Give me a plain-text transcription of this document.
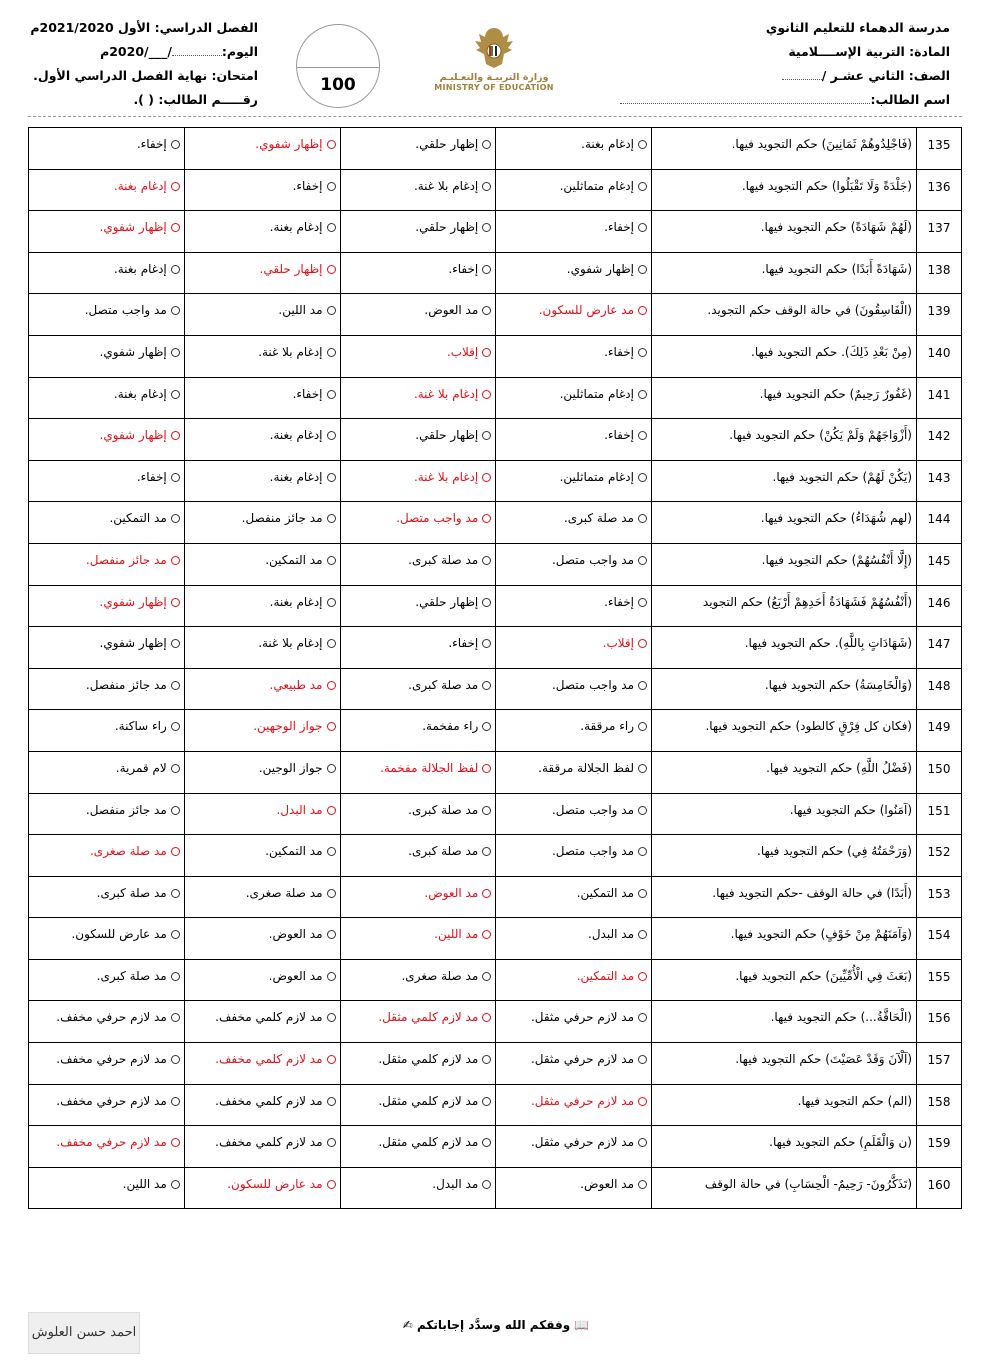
مدرسة الدهماء للتعليم الثانوي
المادة: التربية الإســــلامية
الصف: الثاني عشـر /
اسم الطالب:
وزارة التربيـة والتعـليـم
MINISTRY OF EDUCATION
100
الفصل الدراسي: الأول 2021/2020م
اليوم:/___/2020م
امتحان: نهاية الفصل الدراسي الأول.
رقـــــم الطالب: ( ).
135	(فَاجْلِدُوهُمْ ثَمَانِينَ) حكم التجويد فيها.	إدغام بغنة.	إظهار حلقي.	إظهار شفوي.	إخفاء.
136	(جَلْدَةً وَلَا تَقْبَلُوا) حكم التجويد فيها.	إدغام متماثلين.	إدغام بلا غنة.	إخفاء.	إدغام بغنة.
137	(لَهُمْ شَهَادَةً) حكم التجويد فيها.	إخفاء.	إظهار حلقي.	إدغام بغنة.	إظهار شفوي.
138	(شَهَادَةً أَبَدًا) حكم التجويد فيها.	إظهار شفوي.	إخفاء.	إظهار حلقي.	إدغام بغنة.
139	(الْفَاسِقُونَ) في حالة الوقف حكم التجويد.	مد عارض للسكون.	مد العوض.	مد اللين.	مد واجب متصل.
140	(مِنْ بَعْدِ ذَلِكَ). حكم التجويد فيها.	إخفاء.	إقلاب.	إدغام بلا غنة.	إظهار شفوي.
141	(غَفُورٌ رَحِيمٌ) حكم التجويد فيها.	إدغام متماثلين.	إدغام بلا غنة.	إخفاء.	إدغام بغنة.
142	(أَزْوَاجَهُمْ وَلَمْ يَكُنْ) حكم التجويد فيها.	إخفاء.	إظهار حلقي.	إدغام بغنة.	إظهار شفوي.
143	(يَكُنْ لَهُمْ) حكم التجويد فيها.	إدغام متماثلين.	إدغام بلا غنة.	إدغام بغنة.	إخفاء.
144	(لهم شُهَدَاءُ) حكم التجويد فيها.	مد صلة كبرى.	مد واجب متصل.	مد جائز منفصل.	مد التمكين.
145	(إِلَّا أَنْفُسُهُمْ) حكم التجويد فيها.	مد واجب متصل.	مد صلة كبرى.	مد التمكين.	مد جائز منفصل.
146	(أَنْفُسُهُمْ فَشَهَادَةُ أَحَدِهِمْ أَرْبَعُ) حكم التجويد	إخفاء.	إظهار حلقي.	إدغام بغنة.	إظهار شفوي.
147	(شَهَادَاتٍ بِاللَّهِ). حكم التجويد فيها.	إقلاب.	إخفاء.	إدغام بلا غنة.	إظهار شفوي.
148	(وَالْخَامِسَةُ) حكم التجويد فيها.	مد واجب متصل.	مد صلة كبرى.	مد طبيعي.	مد جائز منفصل.
149	(فكان كل فِرْقٍ كالطود) حكم التجويد فيها.	راء مرققة.	راء مفخمة.	جواز الوجهين.	راء ساكنة.
150	(فَضْلُ اللَّهِ) حكم التجويد فيها.	لفظ الجلالة مرققة.	لفظ الجلالة مفخمة.	جواز الوجين.	لام قمرية.
151	(آمَنُوا) حكم التجويد فيها.	مد واجب متصل.	مد صلة كبرى.	مد البدل.	مد جائز منفصل.
152	(وَرَحْمَتُهُ فِي) حكم التجويد فيها.	مد واجب متصل.	مد صلة كبرى.	مد التمكين.	مد صلة صغرى.
153	(أَبَدًا) في حالة الوقف -حكم التجويد فيها.	مد التمكين.	مد العوض.	مد صلة صغرى.	مد صلة كبرى.
154	(وَآمَنَهُمْ مِنْ خَوْفٍ) حكم التجويد فيها.	مد البدل.	مد اللين.	مد العوض.	مد عارض للسكون.
155	(بَعَثَ فِي الْأُمِّيِّينَ) حكم التجويد فيها.	مد التمكين.	مد صلة صغرى.	مد العوض.	مد صلة كبرى.
156	(الْحَاقَّةُ...) حكم التجويد فيها.	مد لازم حرفي مثقل.	مد لازم كلمي مثقل.	مد لازم كلمي مخفف.	مد لازم حرفي مخفف.
157	(آلْآنَ وَقَدْ عَصَيْتَ) حكم التجويد فيها.	مد لازم حرفي مثقل.	مد لازم كلمي مثقل.	مد لازم كلمي مخفف.	مد لازم حرفي مخفف.
158	(الم) حكم التجويد فيها.	مد لازم حرفي مثقل.	مد لازم كلمي مثقل.	مد لازم كلمي مخفف.	مد لازم حرفي مخفف.
159	(ن وَالْقَلَمِ) حكم التجويد فيها.	مد لازم حرفي مثقل.	مد لازم كلمي مثقل.	مد لازم كلمي مخفف.	مد لازم حرفي مخفف.
160	(تَذَكَّرُونَ- رَحِيمٌ- الْحِسَابِ) في حالة الوقف	مد العوض.	مد البدل.	مد عارض للسكون.	مد اللين.
📖 وفقكم الله وسدَّد إجاباتكم ✍
احمد حسن العلوش
